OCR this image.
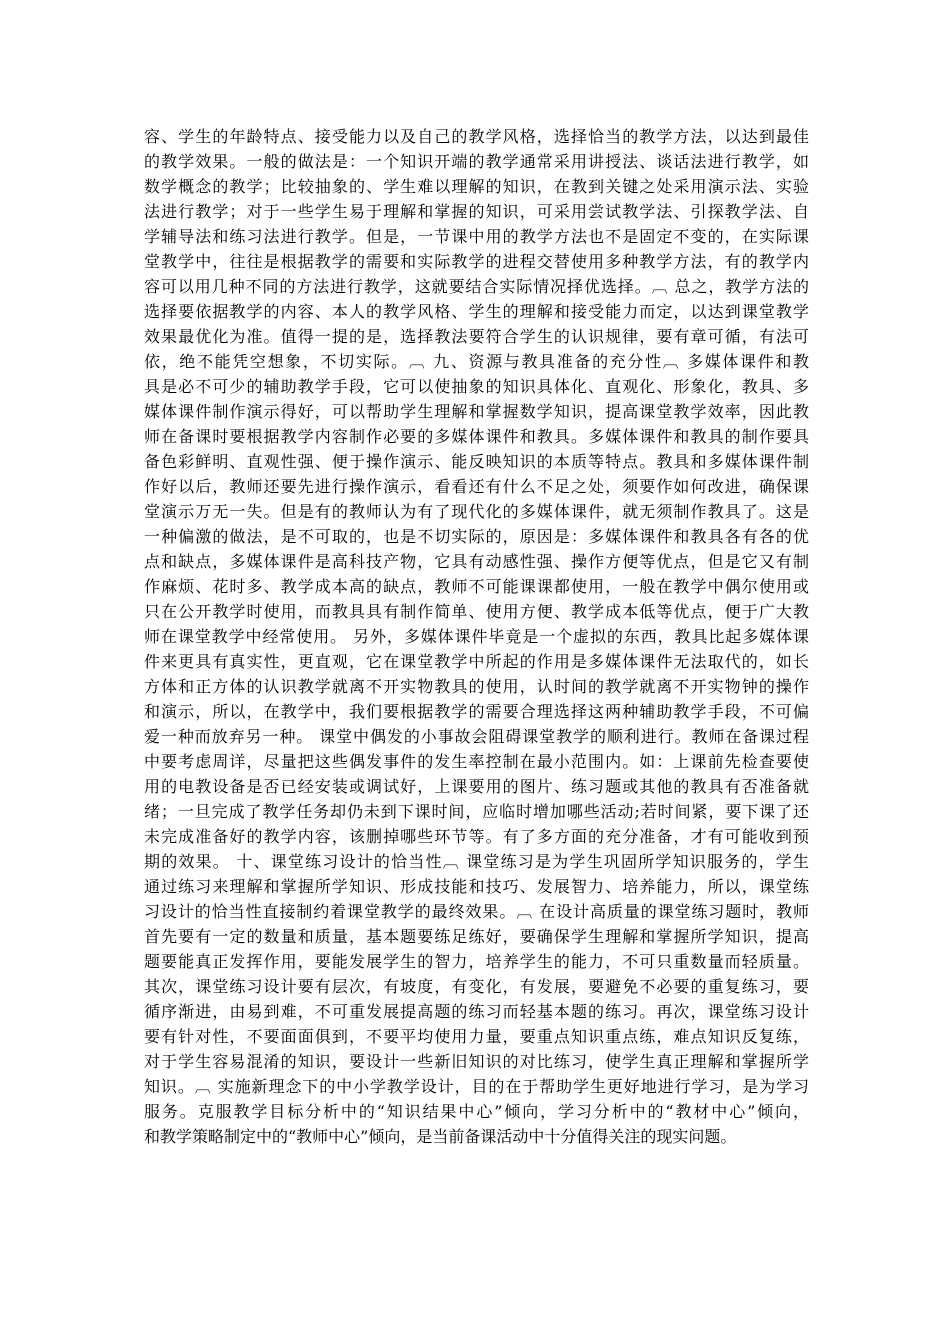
容、学生的年龄特点、接受能力以及自己的教学风格，选择恰当的教学方法，以达到最佳

的教学效果。一般的做法是：一个知识开端的教学通常采用讲授法、谈话法进行教学，如

数学概念的教学；比较抽象的、学生难以理解的知识，在教到关键之处采用演示法、实验

法进行教学；对于一些学生易于理解和掌握的知识，可采用尝试教学法、引探教学法、自

学辅导法和练习法进行教学。但是，一节课中用的教学方法也不是固定不变的，在实际课

堂教学中，往往是根据教学的需要和实际教学的进程交替使用多种教学方法，有的教学内

容可以用几种不同的方法进行教学，这就要结合实际情况择优选择。︹ 总之，教学方法的

选择要依据教学的内容、本人的教学风格、学生的理解和接受能力而定，以达到课堂教学

效果最优化为准。值得一提的是，选择教法要符合学生的认识规律，要有章可循，有法可

依，绝不能凭空想象，不切实际。︹ 九、资源与教具准备的充分性︹ 多媒体课件和教

具是必不可少的辅助教学手段，它可以使抽象的知识具体化、直观化、形象化，教具、多

媒体课件制作演示得好，可以帮助学生理解和掌握数学知识，提高课堂教学效率，因此教

师在备课时要根据教学内容制作必要的多媒体课件和教具。多媒体课件和教具的制作要具

备色彩鲜明、直观性强、便于操作演示、能反映知识的本质等特点。教具和多媒体课件制

作好以后，教师还要先进行操作演示，看看还有什么不足之处，须要作如何改进，确保课

堂演示万无一失。但是有的教师认为有了现代化的多媒体课件，就无须制作教具了。这是

一种偏激的做法，是不可取的，也是不切实际的，原因是：多媒体课件和教具各有各的优

点和缺点，多媒体课件是高科技产物，它具有动感性强、操作方便等优点，但是它又有制

作麻烦、花时多、教学成本高的缺点，教师不可能课课都使用，一般在教学中偶尔使用或

只在公开教学时使用，而教具具有制作简单、使用方便、教学成本低等优点，便于广大教

师在课堂教学中经常使用。 另外，多媒体课件毕竟是一个虚拟的东西，教具比起多媒体课

件来更具有真实性，更直观，它在课堂教学中所起的作用是多媒体课件无法取代的，如长

方体和正方体的认识教学就离不开实物教具的使用，认时间的教学就离不开实物钟的操作

和演示，所以，在教学中，我们要根据教学的需要合理选择这两种辅助教学手段，不可偏

爱一种而放弃另一种。 课堂中偶发的小事故会阻碍课堂教学的顺利进行。教师在备课过程

中要考虑周详，尽量把这些偶发事件的发生率控制在最小范围内。如：上课前先检查要使

用的电教设备是否已经安装或调试好，上课要用的图片、练习题或其他的教具有否准备就

绪；一旦完成了教学任务却仍未到下课时间，应临时增加哪些活动;若时间紧，要下课了还

未完成准备好的教学内容，该删掉哪些环节等。有了多方面的充分准备，才有可能收到预

期的效果。 十、课堂练习设计的恰当性︹ 课堂练习是为学生巩固所学知识服务的，学生

通过练习来理解和掌握所学知识、形成技能和技巧、发展智力、培养能力，所以，课堂练

习设计的恰当性直接制约着课堂教学的最终效果。︹ 在设计高质量的课堂练习题时，教师

首先要有一定的数量和质量，基本题要练足练好，要确保学生理解和掌握所学知识，提高

题要能真正发挥作用，要能发展学生的智力，培养学生的能力，不可只重数量而轻质量。

其次，课堂练习设计要有层次，有坡度，有变化，有发展，要避免不必要的重复练习，要

循序渐进，由易到难，不可重发展提高题的练习而轻基本题的练习。再次，课堂练习设计

要有针对性，不要面面俱到，不要平均使用力量，要重点知识重点练，难点知识反复练，

对于学生容易混淆的知识，要设计一些新旧知识的对比练习，使学生真正理解和掌握所学

知识。︹ 实施新理念下的中小学教学设计，目的在于帮助学生更好地进行学习，是为学习

服务。克服教学目标分析中的“知识结果中心”倾向，学习分析中的“教材中心”倾向，

和教学策略制定中的“教师中心”倾向，是当前备课活动中十分值得关注的现实问题。
